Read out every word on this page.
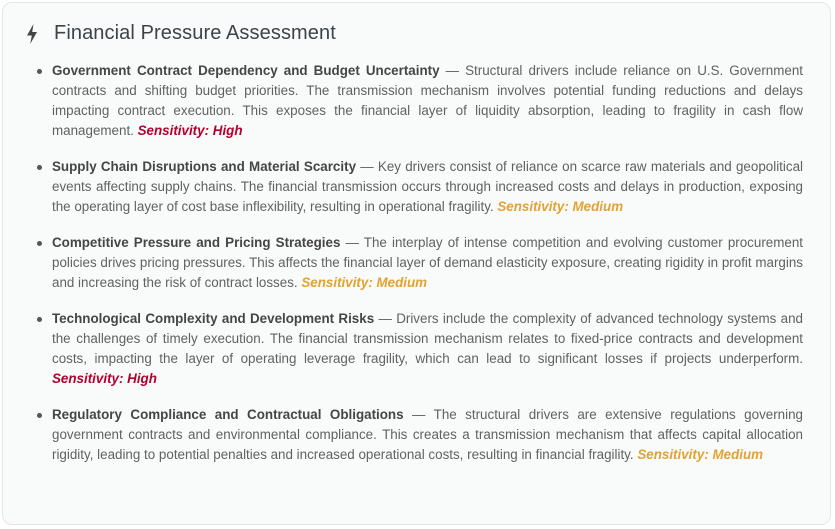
Financial Pressure Assessment
Government Contract Dependency and Budget Uncertainty — Structural drivers include reliance on U.S. Government contracts and shifting budget priorities. The transmission mechanism involves potential funding reductions and delays impacting contract execution. This exposes the financial layer of liquidity absorption, leading to fragility in cash flow management. Sensitivity: High
Supply Chain Disruptions and Material Scarcity — Key drivers consist of reliance on scarce raw materials and geopolitical events affecting supply chains. The financial transmission occurs through increased costs and delays in production, exposing the operating layer of cost base inflexibility, resulting in operational fragility. Sensitivity: Medium
Competitive Pressure and Pricing Strategies — The interplay of intense competition and evolving customer procurement policies drives pricing pressures. This affects the financial layer of demand elasticity exposure, creating rigidity in profit margins and increasing the risk of contract losses. Sensitivity: Medium
Technological Complexity and Development Risks — Drivers include the complexity of advanced technology systems and the challenges of timely execution. The financial transmission mechanism relates to fixed-price contracts and development costs, impacting the layer of operating leverage fragility, which can lead to significant losses if projects underperform. Sensitivity: High
Regulatory Compliance and Contractual Obligations — The structural drivers are extensive regulations governing government contracts and environmental compliance. This creates a transmission mechanism that affects capital allocation rigidity, leading to potential penalties and increased operational costs, resulting in financial fragility. Sensitivity: Medium
